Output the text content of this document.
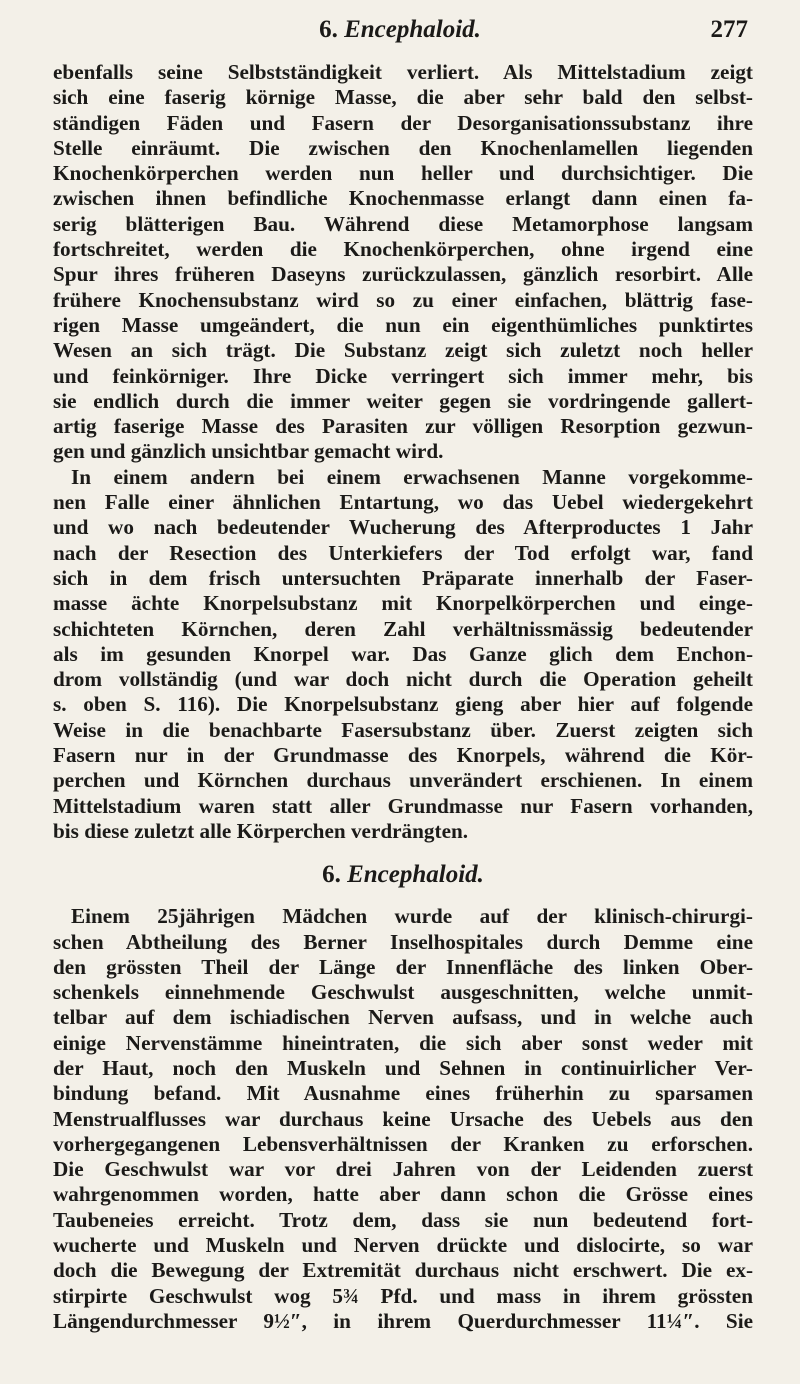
6. Encephaloid.	277
ebenfalls seine Selbstständigkeit verliert. Als Mittelstadium zeigt
sich eine faserig körnige Masse, die aber sehr bald den selbst-
ständigen Fäden und Fasern der Desorganisationssubstanz ihre
Stelle einräumt. Die zwischen den Knochenlamellen liegenden
Knochenkörperchen werden nun heller und durchsichtiger. Die
zwischen ihnen befindliche Knochenmasse erlangt dann einen fa-
serig blätterigen Bau. Während diese Metamorphose langsam
fortschreitet, werden die Knochenkörperchen, ohne irgend eine
Spur ihres früheren Daseyns zurückzulassen, gänzlich resorbirt. Alle
frühere Knochensubstanz wird so zu einer einfachen, blättrig fase-
rigen Masse umgeändert, die nun ein eigenthümliches punktirtes
Wesen an sich trägt. Die Substanz zeigt sich zuletzt noch heller
und feinkörniger. Ihre Dicke verringert sich immer mehr, bis
sie endlich durch die immer weiter gegen sie vordringende gallert-
artig faserige Masse des Parasiten zur völligen Resorption gezwun-
gen und gänzlich unsichtbar gemacht wird.
In einem andern bei einem erwachsenen Manne vorgekomme-
nen Falle einer ähnlichen Entartung, wo das Uebel wiedergekehrt
und wo nach bedeutender Wucherung des Afterproductes 1 Jahr
nach der Resection des Unterkiefers der Tod erfolgt war, fand
sich in dem frisch untersuchten Präparate innerhalb der Faser-
masse ächte Knorpelsubstanz mit Knorpelkörperchen und einge-
schichteten Körnchen, deren Zahl verhältnissmässig bedeutender
als im gesunden Knorpel war. Das Ganze glich dem Enchon-
drom vollständig (und war doch nicht durch die Operation geheilt
s. oben S. 116). Die Knorpelsubstanz gieng aber hier auf folgende
Weise in die benachbarte Fasersubstanz über. Zuerst zeigten sich
Fasern nur in der Grundmasse des Knorpels, während die Kör-
perchen und Körnchen durchaus unverändert erschienen. In einem
Mittelstadium waren statt aller Grundmasse nur Fasern vorhanden,
bis diese zuletzt alle Körperchen verdrängten.
6. Encephaloid.
Einem 25jährigen Mädchen wurde auf der klinisch-chirurgi-
schen Abtheilung des Berner Inselhospitales durch Demme eine
den grössten Theil der Länge der Innenfläche des linken Ober-
schenkels einnehmende Geschwulst ausgeschnitten, welche unmit-
telbar auf dem ischiadischen Nerven aufsass, und in welche auch
einige Nervenstämme hineintraten, die sich aber sonst weder mit
der Haut, noch den Muskeln und Sehnen in continuirlicher Ver-
bindung befand. Mit Ausnahme eines früherhin zu sparsamen
Menstrualflusses war durchaus keine Ursache des Uebels aus den
vorhergegangenen Lebensverhältnissen der Kranken zu erforschen.
Die Geschwulst war vor drei Jahren von der Leidenden zuerst
wahrgenommen worden, hatte aber dann schon die Grösse eines
Taubeneies erreicht. Trotz dem, dass sie nun bedeutend fort-
wucherte und Muskeln und Nerven drückte und dislocirte, so war
doch die Bewegung der Extremität durchaus nicht erschwert. Die ex-
stirpirte Geschwulst wog 5¾ Pfd. und mass in ihrem grössten
Längendurchmesser 9½″, in ihrem Querdurchmesser 11¼″. Sie
